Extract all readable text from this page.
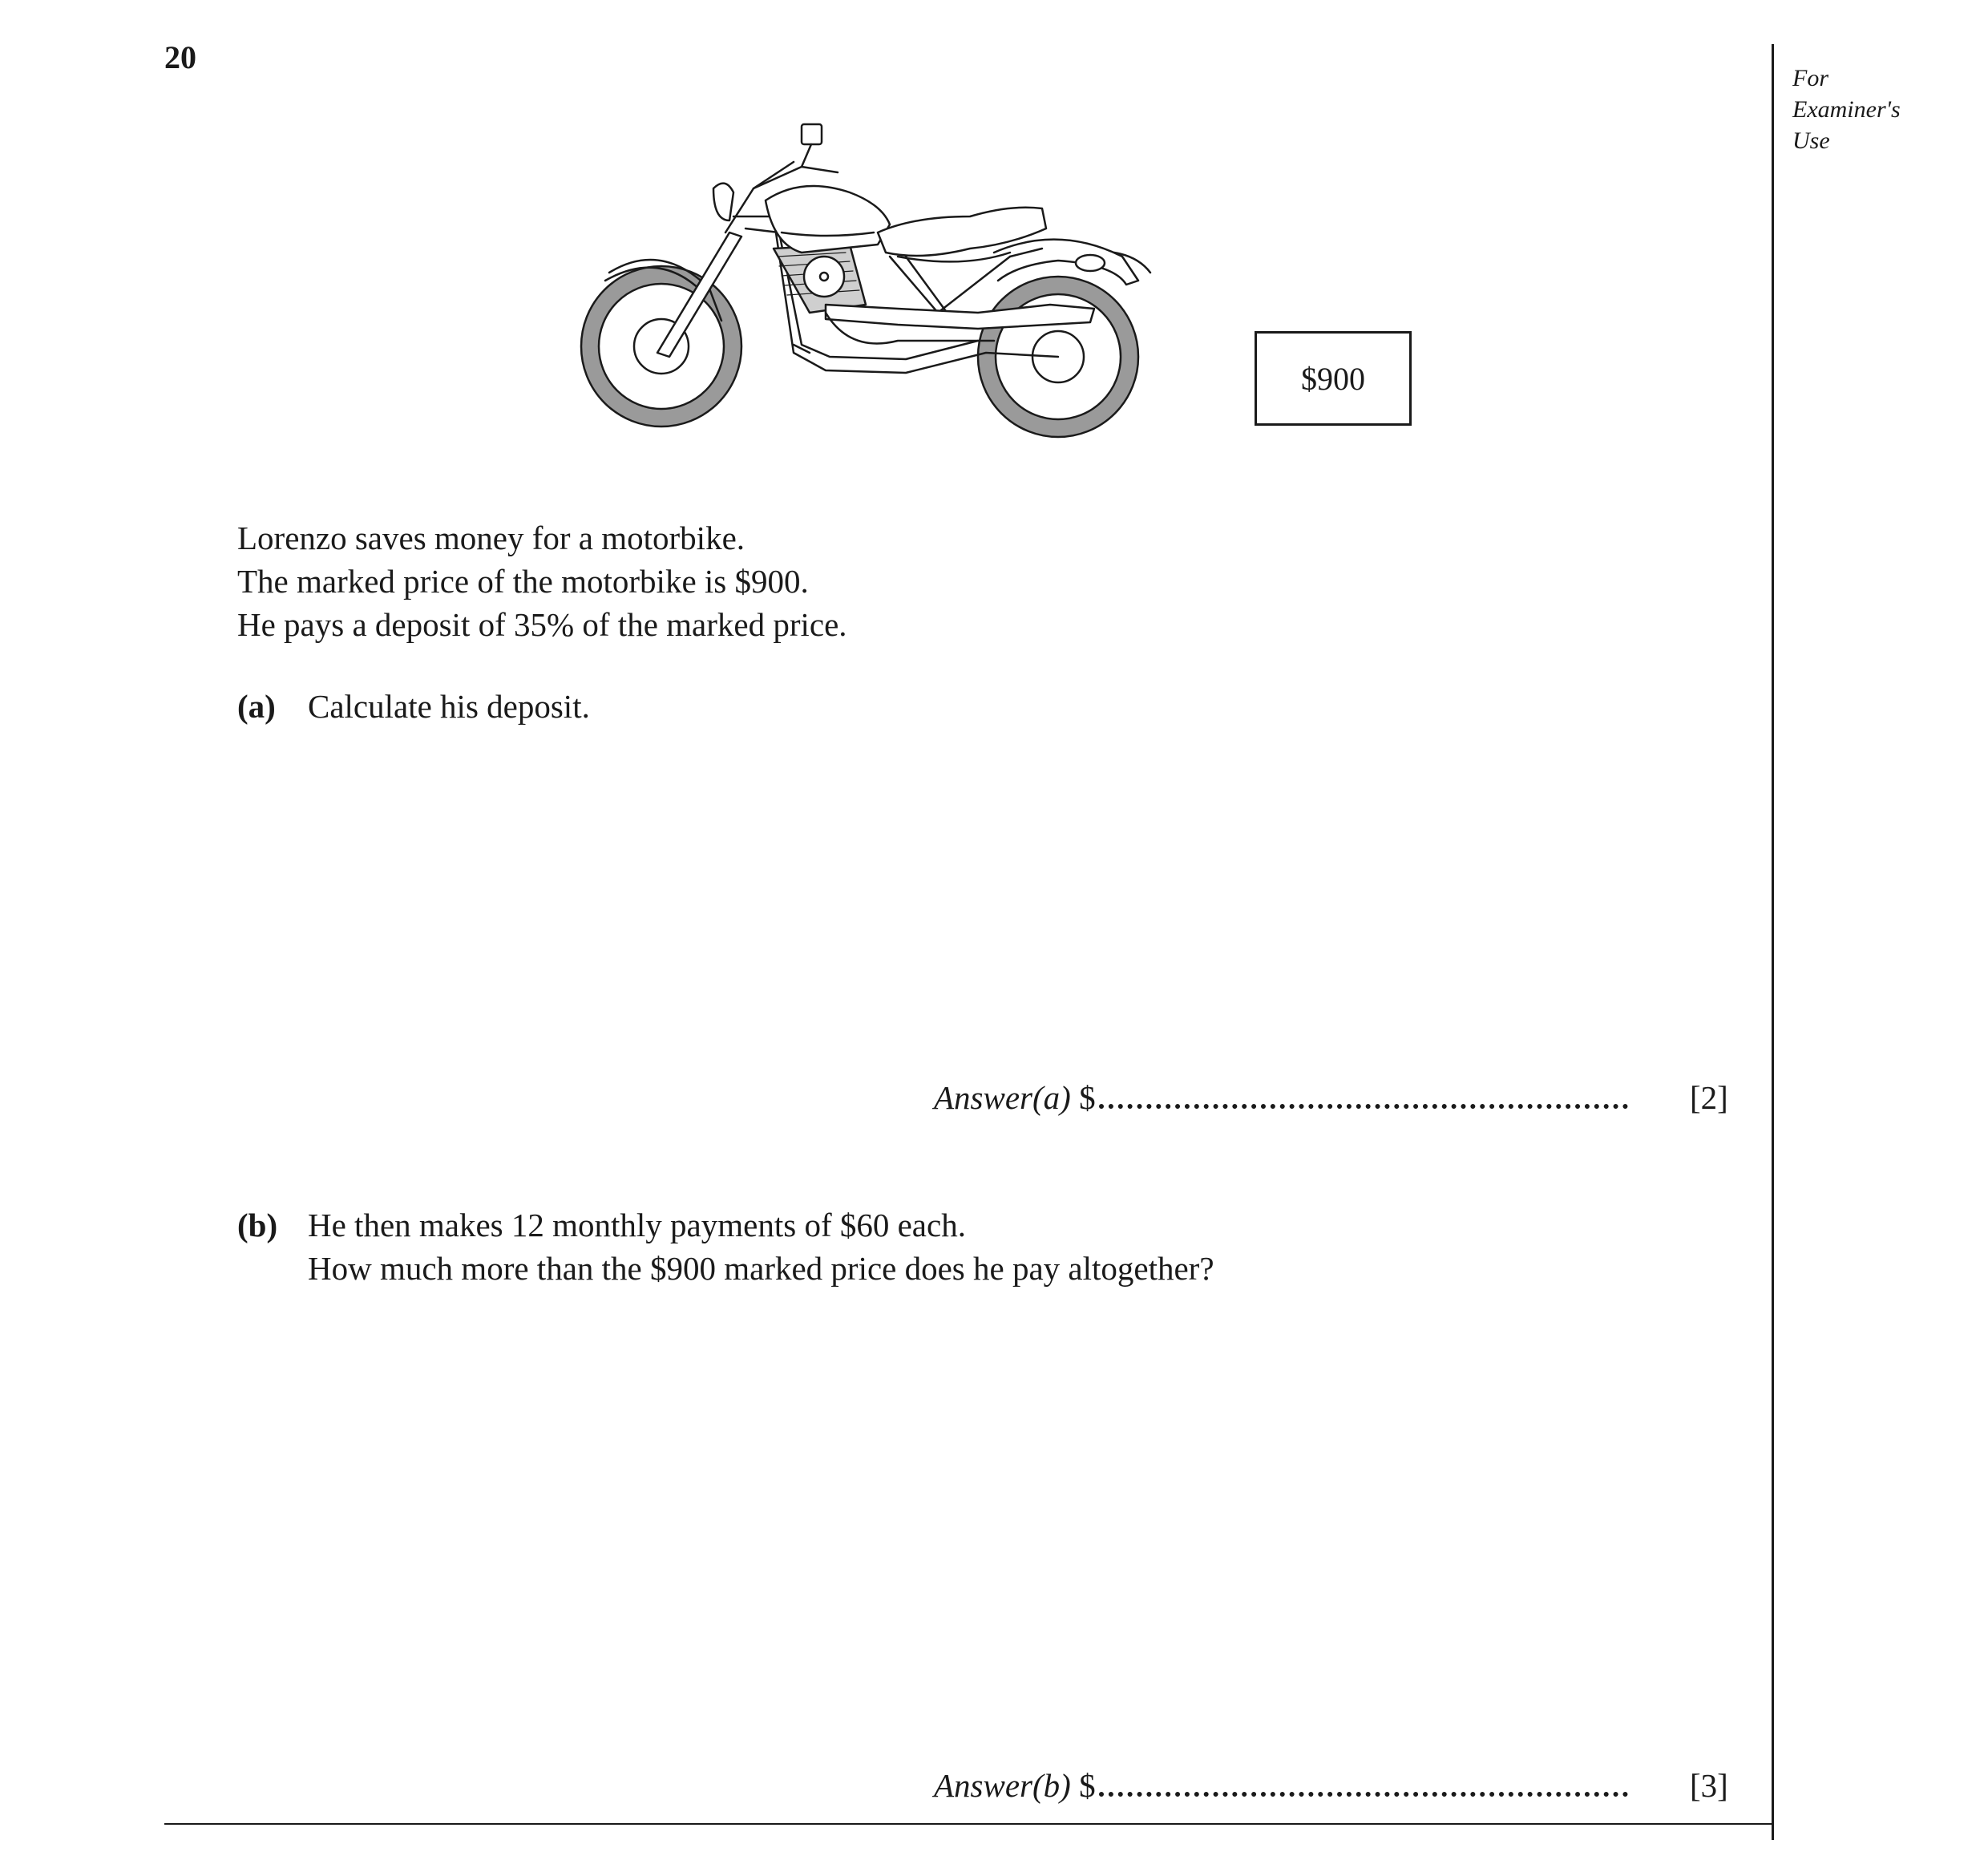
20
For
Examiner's
Use
$900
Lorenzo saves money for a motorbike.
The marked price of the motorbike is $900.
He pays a deposit of 35% of the marked price.
(a) Calculate his deposit.
Answer(a) $	[2]
(b) He then makes 12 monthly payments of $60 each.
How much more than the $900 marked price does he pay altogether?
Answer(b) $	[3]
